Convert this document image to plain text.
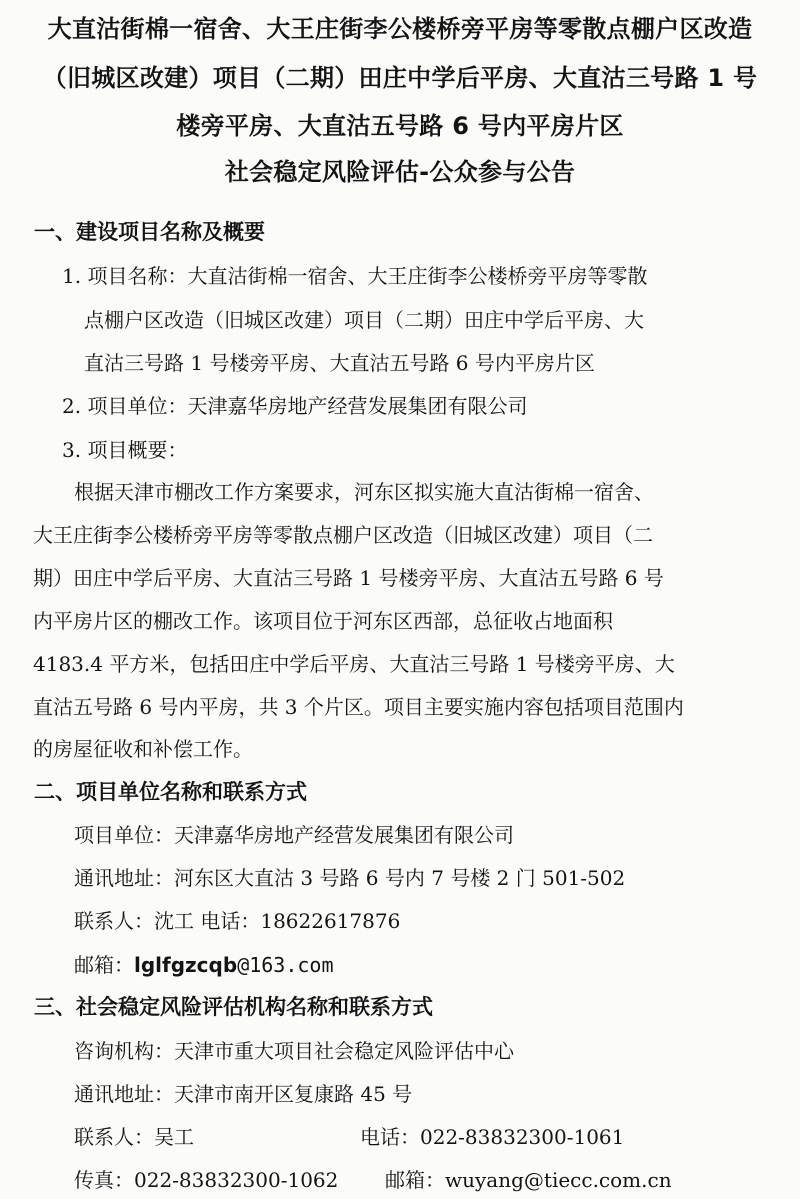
大直沽街棉一宿舍、大王庄街李公楼桥旁平房等零散点棚户区改造
（旧城区改建）项目（二期）田庄中学后平房、大直沽三号路 1 号
楼旁平房、大直沽五号路 6 号内平房片区
社会稳定风险评估-公众参与公告
一、建设项目名称及概要
1. 项目名称：大直沽街棉一宿舍、大王庄街李公楼桥旁平房等零散
点棚户区改造（旧城区改建）项目（二期）田庄中学后平房、大
直沽三号路 1 号楼旁平房、大直沽五号路 6 号内平房片区
2. 项目单位：天津嘉华房地产经营发展集团有限公司
3. 项目概要：
根据天津市棚改工作方案要求，河东区拟实施大直沽街棉一宿舍、
大王庄街李公楼桥旁平房等零散点棚户区改造（旧城区改建）项目（二
期）田庄中学后平房、大直沽三号路 1 号楼旁平房、大直沽五号路 6 号
内平房片区的棚改工作。该项目位于河东区西部，总征收占地面积
4183.4 平方米，包括田庄中学后平房、大直沽三号路 1 号楼旁平房、大
直沽五号路 6 号内平房，共 3 个片区。项目主要实施内容包括项目范围内
的房屋征收和补偿工作。
二、项目单位名称和联系方式
项目单位：天津嘉华房地产经营发展集团有限公司
通讯地址：河东区大直沽 3 号路 6 号内 7 号楼 2 门 501-502
联系人：沈工 电话：18622617876
邮箱：lglfgzcqb@163.com
三、社会稳定风险评估机构名称和联系方式
咨询机构：天津市重大项目社会稳定风险评估中心
通讯地址：天津市南开区复康路 45 号
联系人：吴工	电话：022-83832300-1061
传真：022-83832300-1062 邮箱：wuyang@tiecc.com.cn
